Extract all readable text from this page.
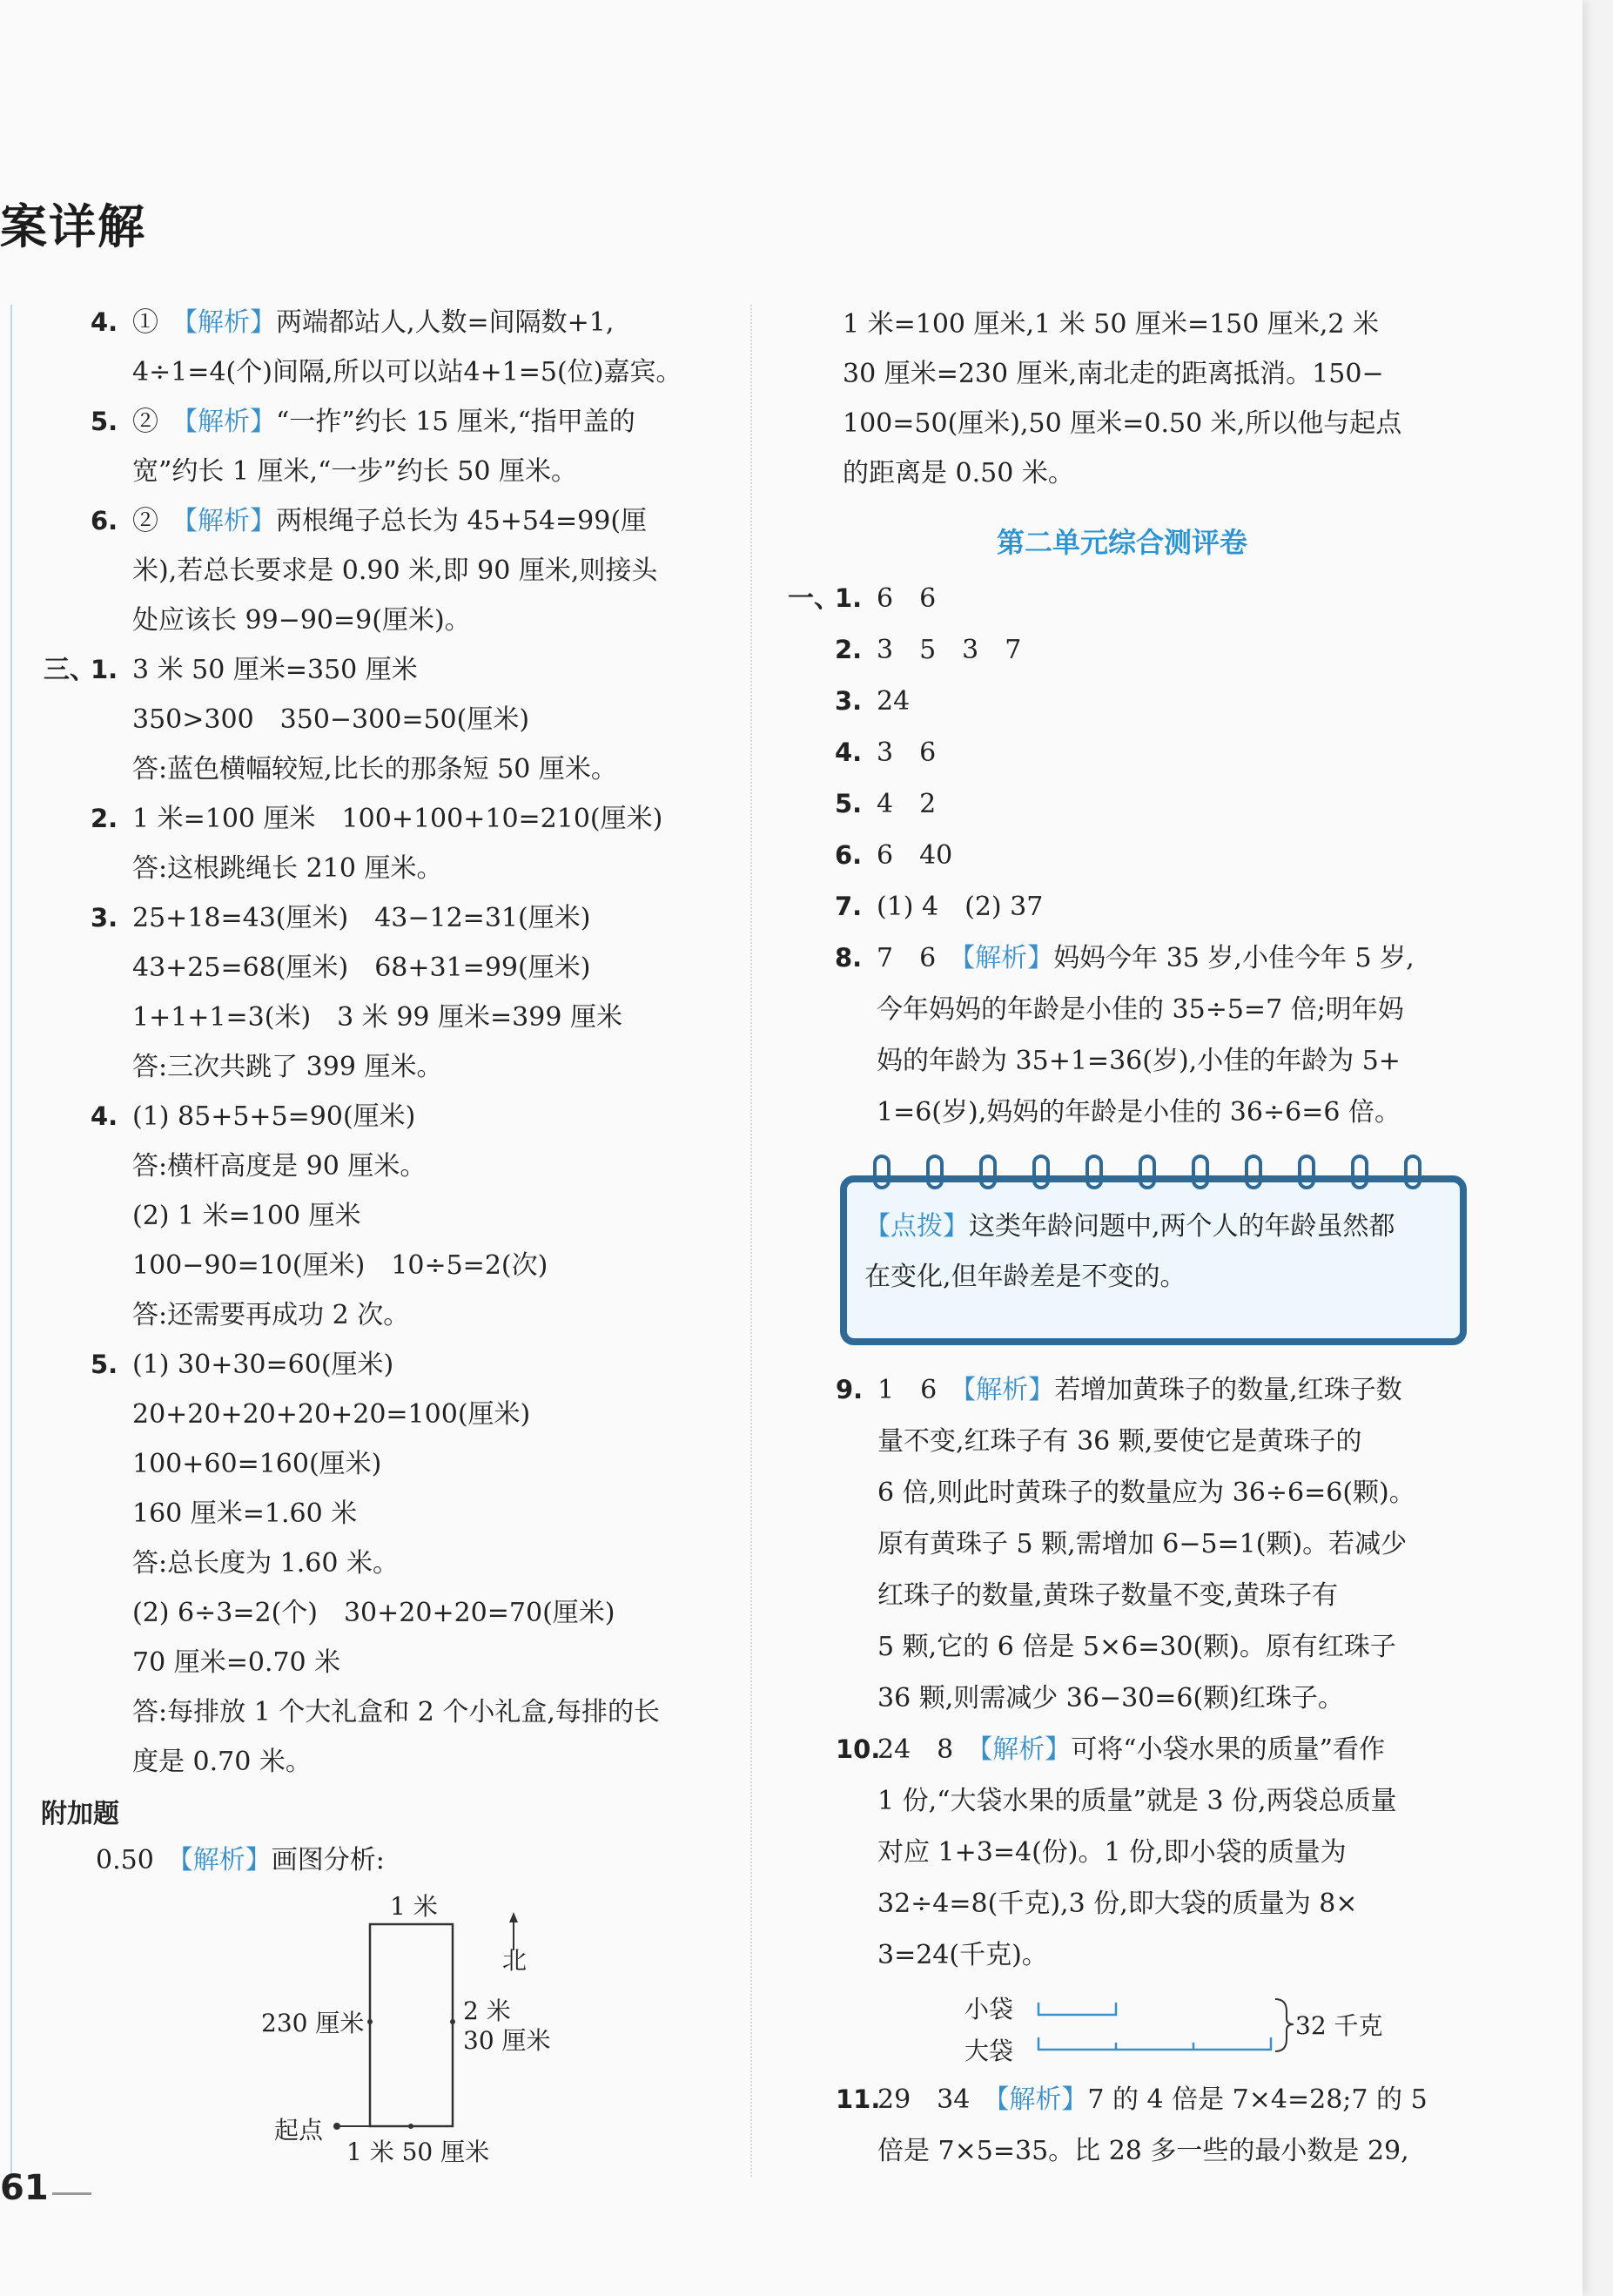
案详解
4. ①　 【解析】两端都站人,人数=间隔数+1,
4÷1=4(个)间隔,所以可以站4+1=5(位)嘉宾。
5. ②　 【解析】“一拃”约长 15 厘米,“指甲盖的
宽”约长 1 厘米,“一步”约长 50 厘米。
6. ②　 【解析】两根绳子总长为 45+54=99(厘
米),若总长要求是 0.90 米,即 90 厘米,则接头
处应该长 99−90=9(厘米)。
三、1. 3 米 50 厘米=350 厘米
350>300　350−300=50(厘米)
答:蓝色横幅较短,比长的那条短 50 厘米。
2. 1 米=100 厘米　100+100+10=210(厘米)
答:这根跳绳长 210 厘米。
3. 25+18=43(厘米)　43−12=31(厘米)
43+25=68(厘米)　68+31=99(厘米)
1+1+1=3(米)　3 米 99 厘米=399 厘米
答:三次共跳了 399 厘米。
4. (1) 85+5+5=90(厘米)
答:横杆高度是 90 厘米。
(2) 1 米=100 厘米
100−90=10(厘米)　10÷5=2(次)
答:还需要再成功 2 次。
5. (1) 30+30=60(厘米)
20+20+20+20+20=100(厘米)
100+60=160(厘米)
160 厘米=1.60 米
答:总长度为 1.60 米。
(2) 6÷3=2(个)　30+20+20=70(厘米)
70 厘米=0.70 米
答:每排放 1 个大礼盒和 2 个小礼盒,每排的长
度是 0.70 米。
附加题
0.50　 【解析】画图分析:
1 米
北
230 厘米	2 米
30 厘米
起点
1 米 50 厘米
1 米=100 厘米,1 米 50 厘米=150 厘米,2 米
30 厘米=230 厘米,南北走的距离抵消。150−
100=50(厘米),50 厘米=0.50 米,所以他与起点
的距离是 0.50 米。
第二单元综合测评卷
一、1. 6　6
2. 3　5　3　7
3. 24
4. 3　6
5. 4　2
6. 6　40
7. (1) 4　(2) 37
8. 7　6　 【解析】妈妈今年 35 岁,小佳今年 5 岁,
今年妈妈的年龄是小佳的 35÷5=7 倍;明年妈
妈的年龄为 35+1=36(岁),小佳的年龄为 5+
1=6(岁),妈妈的年龄是小佳的 36÷6=6 倍。
【点拨】这类年龄问题中,两个人的年龄虽然都
在变化,但年龄差是不变的。
9. 1　6　 【解析】若增加黄珠子的数量,红珠子数
量不变,红珠子有 36 颗,要使它是黄珠子的
6 倍,则此时黄珠子的数量应为 36÷6=6(颗)。
原有黄珠子 5 颗,需增加 6−5=1(颗)。若减少
红珠子的数量,黄珠子数量不变,黄珠子有
5 颗,它的 6 倍是 5×6=30(颗)。原有红珠子
36 颗,则需减少 36−30=6(颗)红珠子。
10.24　8　 【解析】可将“小袋水果的质量”看作
1 份,“大袋水果的质量”就是 3 份,两袋总质量
对应 1+3=4(份)。1 份,即小袋的质量为
32÷4=8(千克),3 份,即大袋的质量为 8×
3=24(千克)。
小袋
大袋
32 千克
11.29　34　 【解析】7 的 4 倍是 7×4=28;7 的 5
倍是 7×5=35。比 28 多一些的最小数是 29,
61
